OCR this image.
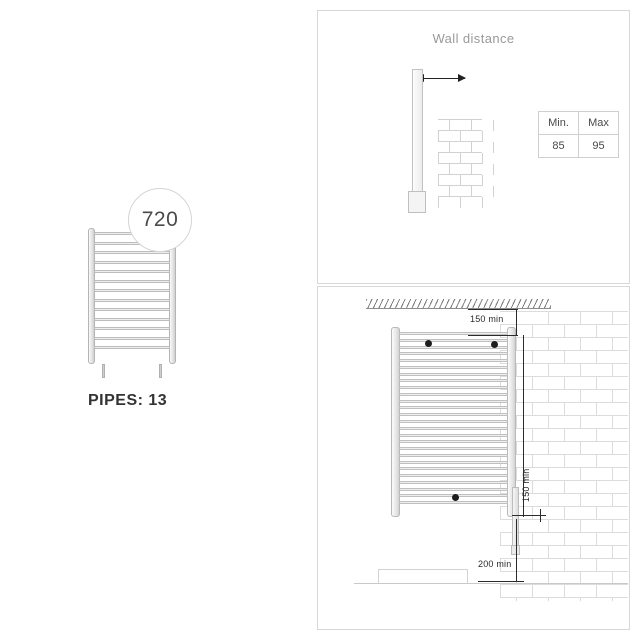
720
PIPES: 13
Wall distance
Min.	Max
85	95
150 min
150 min
200 min
